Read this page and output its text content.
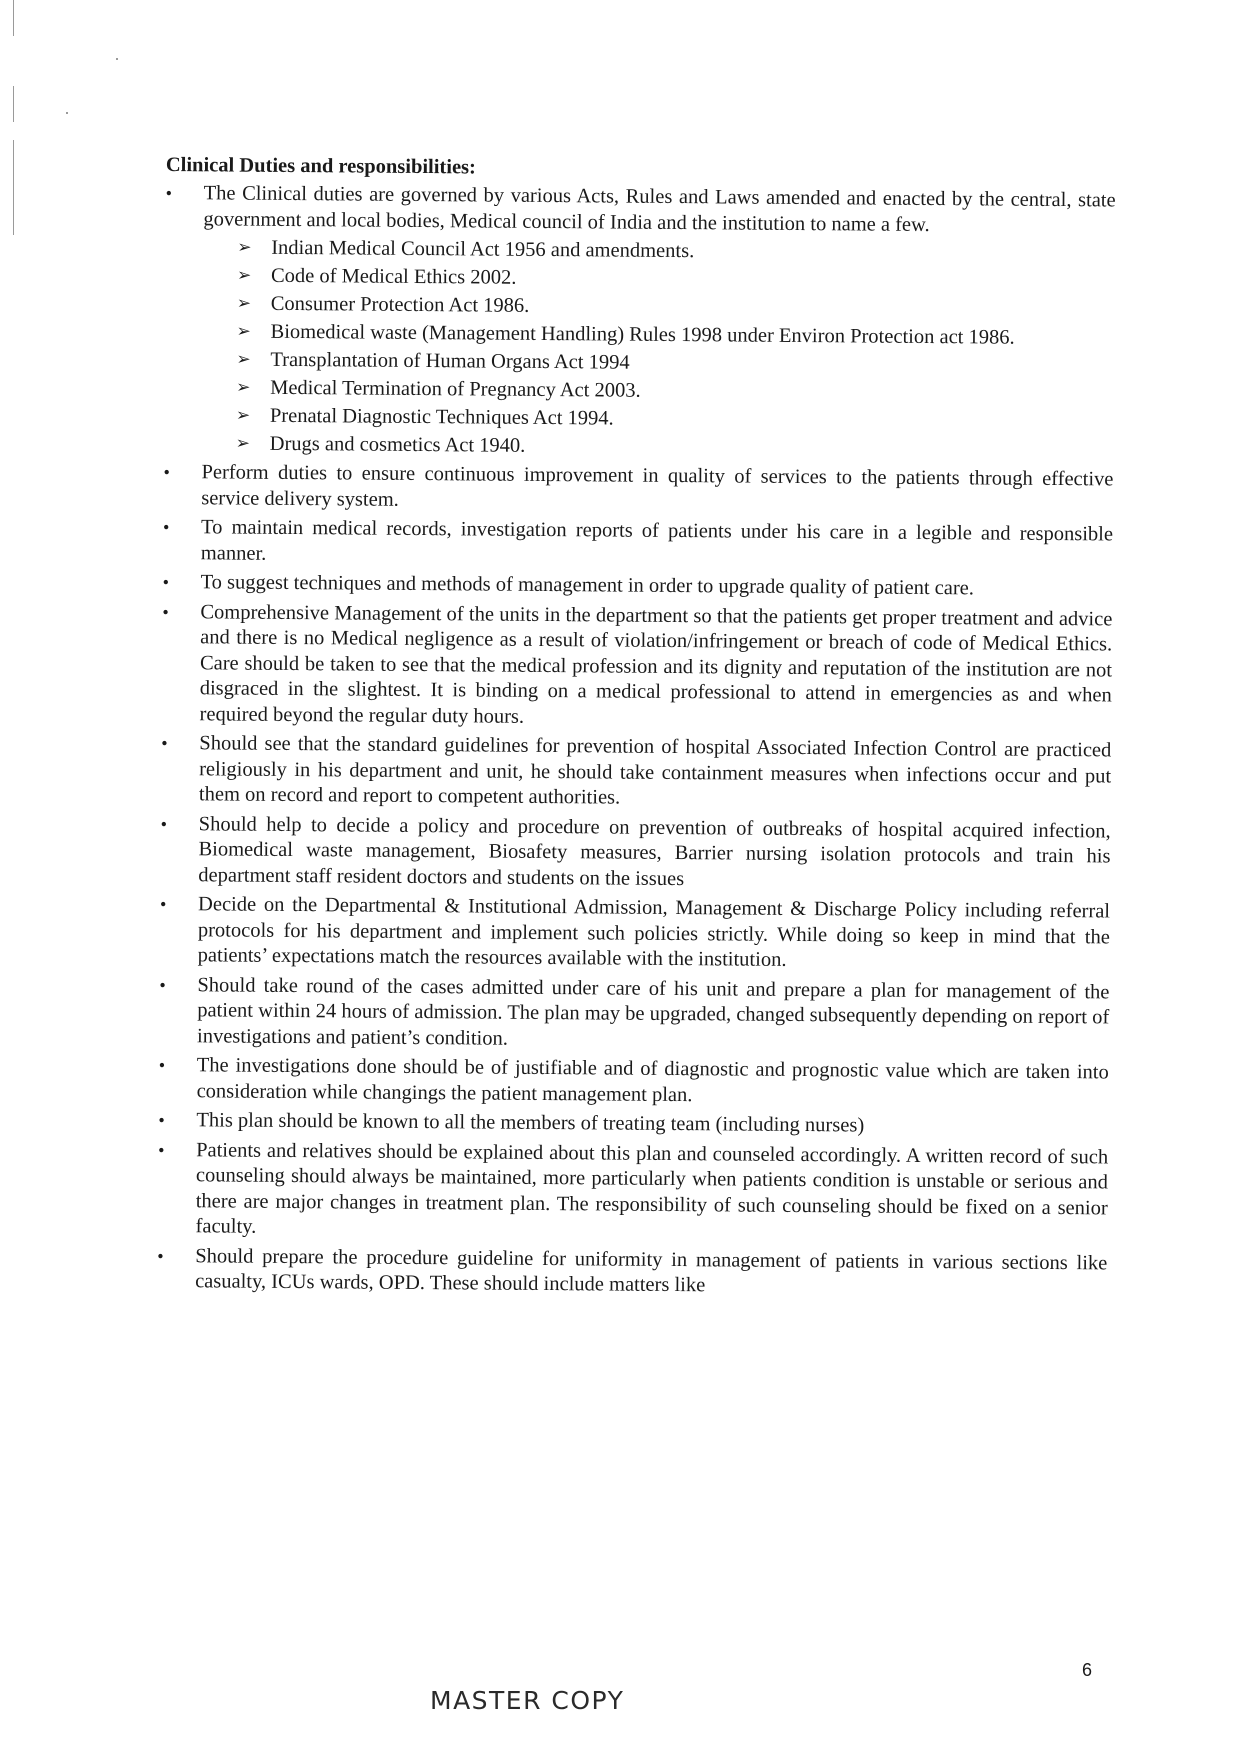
Clinical Duties and responsibilities:
•	The Clinical duties are governed by various Acts, Rules and Laws amended and enacted by the central, state government and local bodies, Medical council of India and the institution to name a few.
➢ Indian Medical Council Act 1956 and amendments.
➢ Code of Medical Ethics 2002.
➢ Consumer Protection Act 1986.
➢ Biomedical waste (Management Handling) Rules 1998 under Environ Protection act 1986.
➢ Transplantation of Human Organs Act 1994
➢ Medical Termination of Pregnancy Act 2003.
➢ Prenatal Diagnostic Techniques Act 1994.
➢ Drugs and cosmetics Act 1940.
•	Perform duties to ensure continuous improvement in quality of services to the patients through effective service delivery system.
•	To maintain medical records, investigation reports of patients under his care in a legible and responsible manner.
•	To suggest techniques and methods of management in order to upgrade quality of patient care.
•	Comprehensive Management of the units in the department so that the patients get proper treatment and advice and there is no Medical negligence as a result of violation/infringement or breach of code of Medical Ethics. Care should be taken to see that the medical profession and its dignity and reputation of the institution are not disgraced in the slightest. It is binding on a medical professional to attend in emergencies as and when required beyond the regular duty hours.
•	Should see that the standard guidelines for prevention of hospital Associated Infection Control are practiced religiously in his department and unit, he should take containment measures when infections occur and put them on record and report to competent authorities.
•	Should help to decide a policy and procedure on prevention of outbreaks of hospital acquired infection, Biomedical waste management, Biosafety measures, Barrier nursing isolation protocols and train his department staff resident doctors and students on the issues
•	Decide on the Departmental & Institutional Admission, Management & Discharge Policy including referral protocols for his department and implement such policies strictly. While doing so keep in mind that the patients’ expectations match the resources available with the institution.
•	Should take round of the cases admitted under care of his unit and prepare a plan for management of the patient within 24 hours of admission. The plan may be upgraded, changed subsequently depending on report of investigations and patient’s condition.
•	The investigations done should be of justifiable and of diagnostic and prognostic value which are taken into consideration while changings the patient management plan.
•	This plan should be known to all the members of treating team (including nurses)
•	Patients and relatives should be explained about this plan and counseled accordingly. A written record of such counseling should always be maintained, more particularly when patients condition is unstable or serious and there are major changes in treatment plan. The responsibility of such counseling should be fixed on a senior faculty.
•	Should prepare the procedure guideline for uniformity in management of patients in various sections like casualty, ICUs wards, OPD. These should include matters like
6
MASTER COPY
